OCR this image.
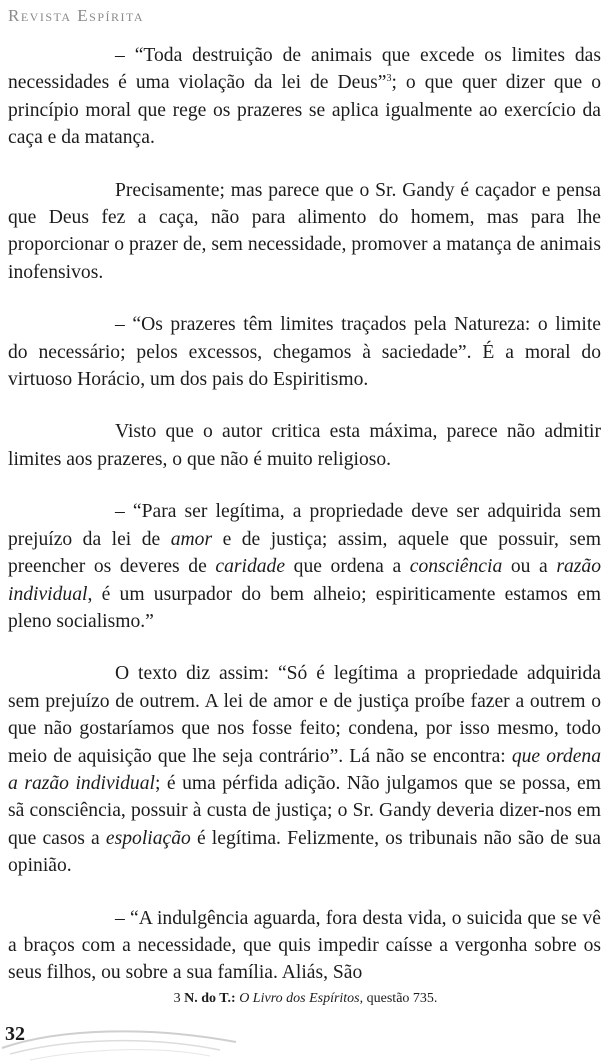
Revista Espírita

– “Toda destruição de animais que excede os limites das necessidades é uma violação da lei de Deus”$^3$; o que quer dizer que o princípio moral que rege os prazeres se aplica igualmente ao exercício da caça e da matança.

Precisamente; mas parece que o Sr. Gandy é caçador e pensa que Deus fez a caça, não para alimento do homem, mas para lhe proporcionar o prazer de, sem necessidade, promover a matança de animais inofensivos.

– “Os prazeres têm limites traçados pela Natureza: o limite do necessário; pelos excessos, chegamos à saciedade”. É a moral do virtuoso Horácio, um dos pais do Espiritismo.

Visto que o autor critica esta máxima, parece não admitir limites aos prazeres, o que não é muito religioso.

– “Para ser legítima, a propriedade deve ser adquirida sem prejuízo da lei de amor e de justiça; assim, aquele que possuir, sem preencher os deveres de caridade que ordena a consciência ou a razão individual, é um usurpador do bem alheio; espiriticamente estamos em pleno socialismo.”

O texto diz assim: “Só é legítima a propriedade adquirida sem prejuízo de outrem. A lei de amor e de justiça proíbe fazer a outrem o que não gostaríamos que nos fosse feito; condena, por isso mesmo, todo meio de aquisição que lhe seja contrário”. Lá não se encontra: que ordena a razão individual; é uma pérfida adição. Não julgamos que se possa, em sã consciência, possuir à custa de justiça; o Sr. Gandy deveria dizer-nos em que casos a espoliação é legítima. Felizmente, os tribunais não são de sua opinião.

– “A indulgência aguarda, fora desta vida, o suicida que se vê a braços com a necessidade, que quis impedir caísse a vergonha sobre os seus filhos, ou sobre a sua família. Aliás, São

3 N. do T.: O Livro dos Espíritos, questão 735.
32
